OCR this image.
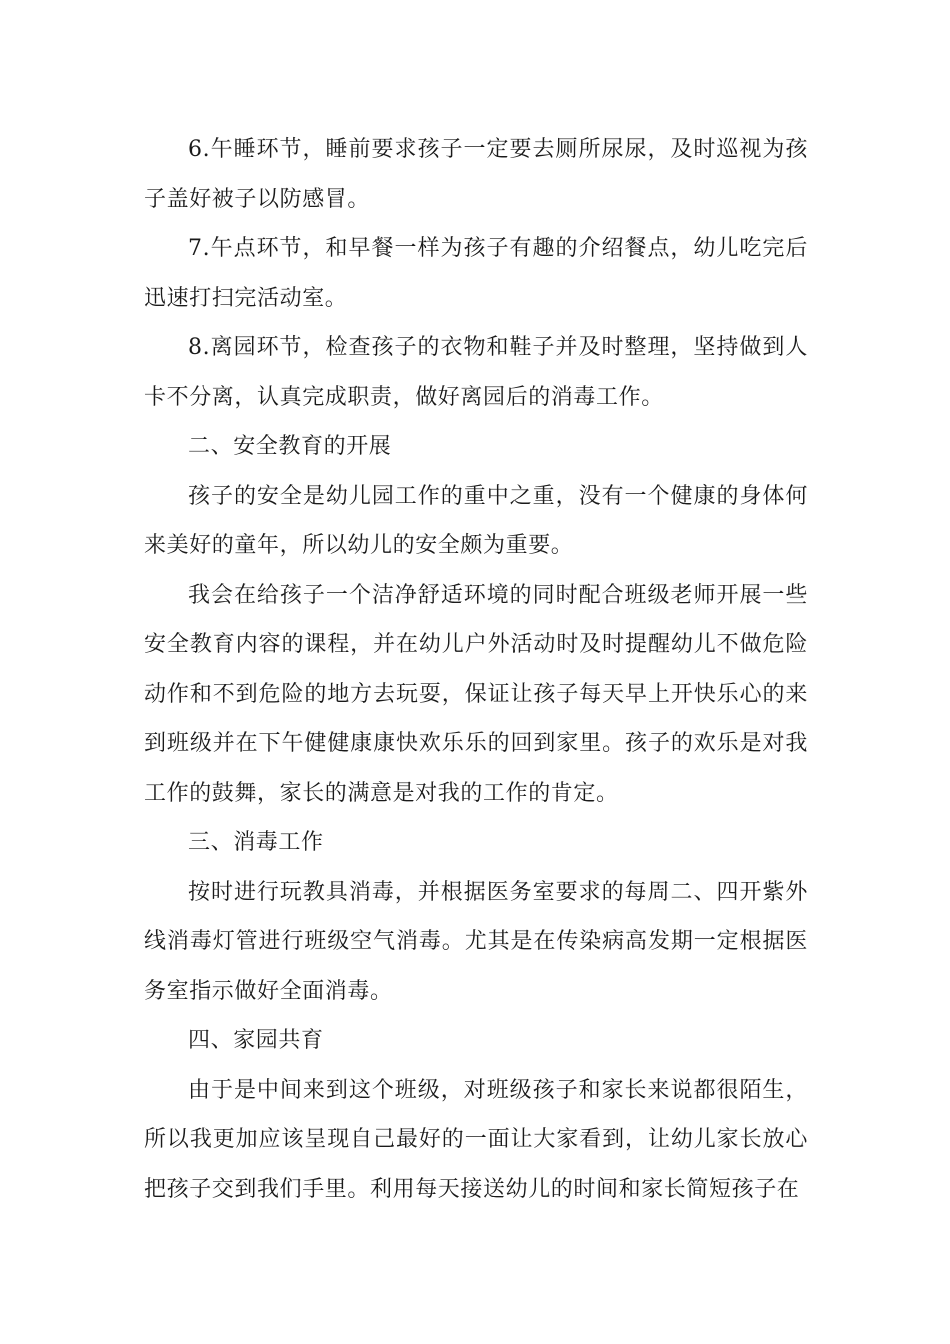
6.午睡环节，睡前要求孩子一定要去厕所尿尿，及时巡视为孩子盖好被子以防感冒。

7.午点环节，和早餐一样为孩子有趣的介绍餐点，幼儿吃完后迅速打扫完活动室。

8.离园环节，检查孩子的衣物和鞋子并及时整理，坚持做到人卡不分离，认真完成职责，做好离园后的消毒工作。

二、安全教育的开展

孩子的安全是幼儿园工作的重中之重，没有一个健康的身体何来美好的童年，所以幼儿的安全颇为重要。

我会在给孩子一个洁净舒适环境的同时配合班级老师开展一些安全教育内容的课程，并在幼儿户外活动时及时提醒幼儿不做危险动作和不到危险的地方去玩耍，保证让孩子每天早上开快乐心的来到班级并在下午健健康康快欢乐乐的回到家里。孩子的欢乐是对我工作的鼓舞，家长的满意是对我的工作的肯定。

三、消毒工作

按时进行玩教具消毒，并根据医务室要求的每周二、四开紫外线消毒灯管进行班级空气消毒。尤其是在传染病高发期一定根据医务室指示做好全面消毒。

四、家园共育

由于是中间来到这个班级，对班级孩子和家长来说都很陌生，所以我更加应该呈现自己最好的一面让大家看到，让幼儿家长放心把孩子交到我们手里。利用每天接送幼儿的时间和家长简短孩子在
